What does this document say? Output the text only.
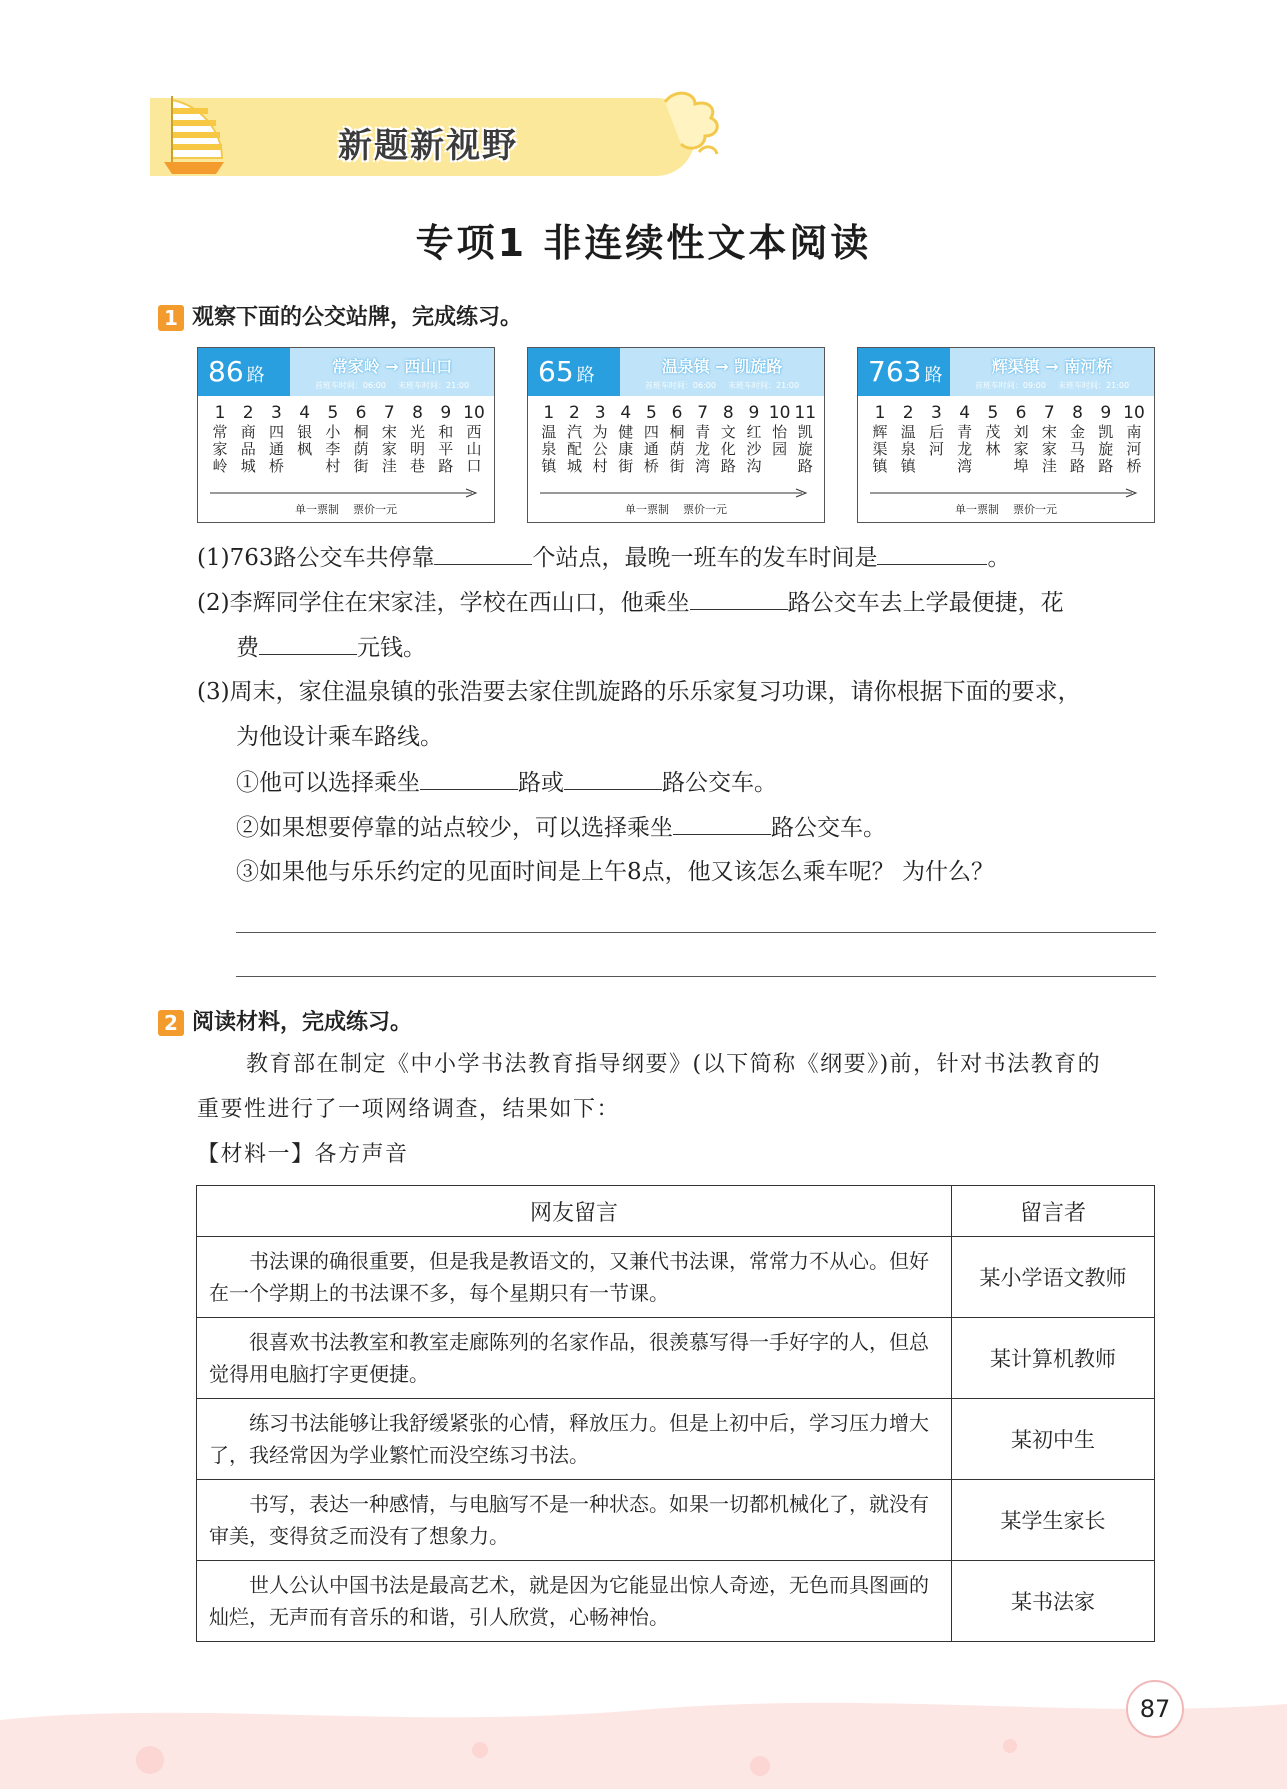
新题新视野
专项1 非连续性文本阅读
1 观察下面的公交站牌，完成练习。
86 路	常家岭 → 西山口
首班车时间：06:00 末班车时间：21:00
1
常家岭
2
商品城
3
四通桥
4
银 枫
5
小李村
6
桐荫街
7
宋家洼
8
光明巷
9
和平路
10
西山口
单一票制    票价一元
65 路	温泉镇 → 凯旋路
首班车时间：06:00 末班车时间：21:00
1
温泉镇
2
汽配城
3
为公村
4
健康街
5
四通桥
6
桐荫街
7
青龙湾
8
文化路
9
红沙沟
10
怡 园
11
凯旋路
单一票制    票价一元
763 路	辉渠镇 → 南河桥
首班车时间：09:00 末班车时间：21:00
1
辉渠镇
2
温泉镇
3
后 河
4
青龙湾
5
茂 林
6
刘家埠
7
宋家洼
8
金马路
9
凯旋路
10
南河桥
单一票制    票价一元
(1)763路公交车共停靠	个站点，最晚一班车的发车时间是	。
(2)李辉同学住在宋家洼，学校在西山口，他乘坐	路公交车去上学最便捷，花
费	元钱。
(3)周末，家住温泉镇的张浩要去家住凯旋路的乐乐家复习功课，请你根据下面的要求，
为他设计乘车路线。
①他可以选择乘坐	路或	路公交车。
②如果想要停靠的站点较少，可以选择乘坐	路公交车。
③如果他与乐乐约定的见面时间是上午8点，他又该怎么乘车呢？ 为什么？
2 阅读材料，完成练习。
教育部在制定《中小学书法教育指导纲要》(以下简称《纲要》)前，针对书法教育的
重要性进行了一项网络调查，结果如下：
【材料一】各方声音
网友留言	留言者
书法课的确很重要，但是我是教语文的，又兼代书法课，常常力不从心。但好在一个学期上的书法课不多，每个星期只有一节课。	某小学语文教师
很喜欢书法教室和教室走廊陈列的名家作品，很羡慕写得一手好字的人，但总觉得用电脑打字更便捷。	某计算机教师
练习书法能够让我舒缓紧张的心情，释放压力。但是上初中后，学习压力增大了，我经常因为学业繁忙而没空练习书法。	某初中生
书写，表达一种感情，与电脑写不是一种状态。如果一切都机械化了，就没有审美，变得贫乏而没有了想象力。	某学生家长
世人公认中国书法是最高艺术，就是因为它能显出惊人奇迹，无色而具图画的灿烂，无声而有音乐的和谐，引人欣赏，心畅神怡。	某书法家
87
